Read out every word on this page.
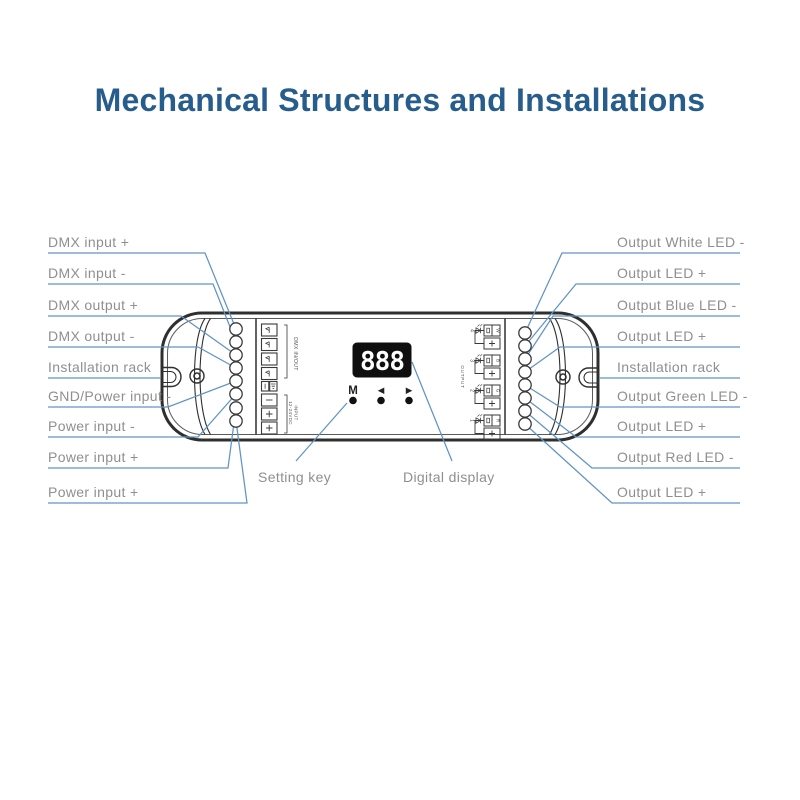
Mechanical Structures and Installations
DMX IN/OUT
INPUT
12-24VDC
888
M ◀	▶
OUTPUT
4	W
3	B
2	G
1	R
DMX input +
DMX input -
DMX output +
DMX output -
Installation rack
GND/Power input -
Power input -
Power input +
Power input +
Output White LED -
Output LED +
Output Blue LED -
Output LED +
Installation rack
Output Green LED -
Output LED +
Output Red LED -
Output LED +
Setting key	Digital display
